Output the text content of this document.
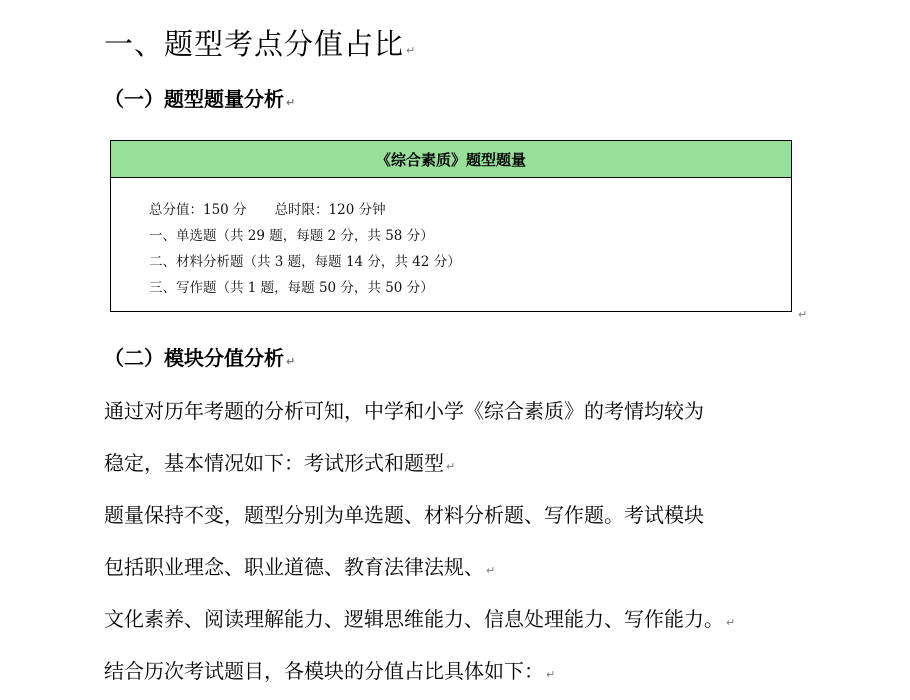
一、题型考点分值占比 ↵
（一）题型题量分析 ↵
《综合素质》题型题量
总分值：150 分 总时限：120 分钟
一、单选题（共 29 题，每题 2 分，共 58 分）
二、材料分析题（共 3 题，每题 14 分，共 42 分）
三、写作题（共 1 题，每题 50 分，共 50 分）
↵
（二）模块分值分析 ↵
通过对历年考题的分析可知，中学和小学《综合素质》的考情均较为
稳定，基本情况如下：考试形式和题型 ↵
题量保持不变，题型分别为单选题、材料分析题、写作题。考试模块
包括职业理念、职业道德、教育法律法规、 ↵
文化素养、阅读理解能力、逻辑思维能力、信息处理能力、写作能力。 ↵
结合历次考试题目，各模块的分值占比具体如下： ↵
